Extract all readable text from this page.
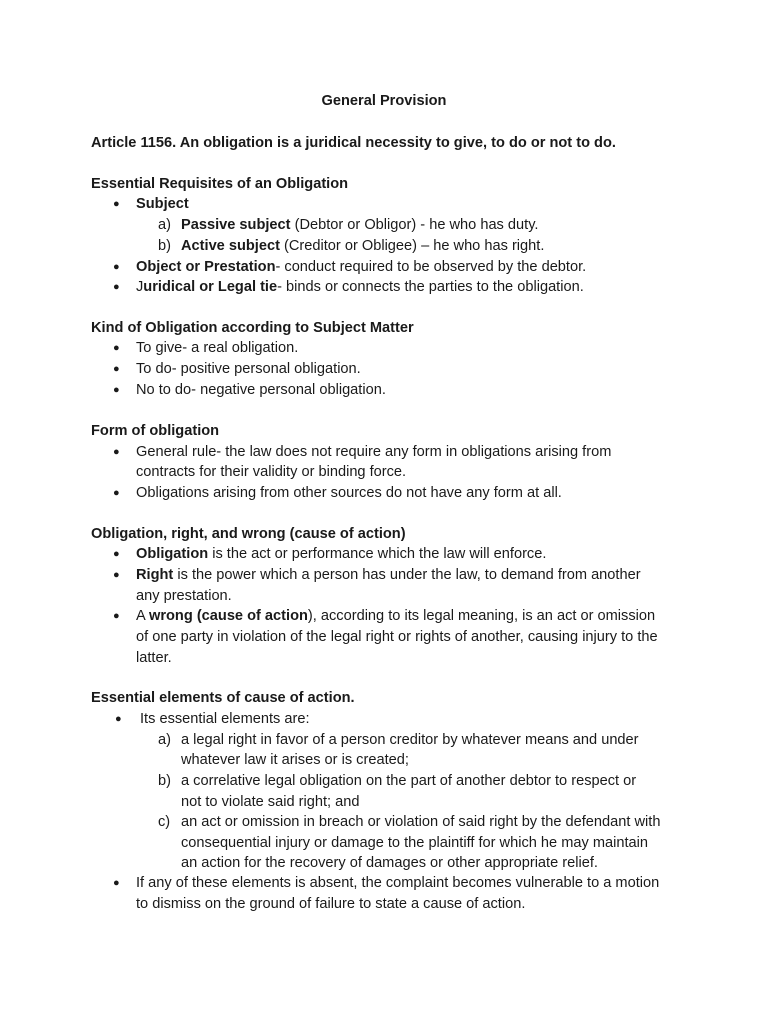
General Provision
Article 1156. An obligation is a juridical necessity to give, to do or not to do.
Essential Requisites of an Obligation
● Subject
a) Passive subject (Debtor or Obligor) - he who has duty.
b) Active subject (Creditor or Obligee) – he who has right.
● Object or Prestation- conduct required to be observed by the debtor.
● Juridical or Legal tie- binds or connects the parties to the obligation.
Kind of Obligation according to Subject Matter
● To give- a real obligation.
● To do- positive personal obligation.
● No to do- negative personal obligation.
Form of obligation
● General rule- the law does not require any form in obligations arising from
contracts for their validity or binding force.
● Obligations arising from other sources do not have any form at all.
Obligation, right, and wrong (cause of action)
● Obligation is the act or performance which the law will enforce.
● Right is the power which a person has under the law, to demand from another
any prestation.
● A wrong (cause of action), according to its legal meaning, is an act or omission
of one party in violation of the legal right or rights of another, causing injury to the
latter.
Essential elements of cause of action.
● Its essential elements are:
a) a legal right in favor of a person creditor by whatever means and under
whatever law it arises or is created;
b) a correlative legal obligation on the part of another debtor to respect or
not to violate said right; and
c) an act or omission in breach or violation of said right by the defendant with
consequential injury or damage to the plaintiff for which he may maintain
an action for the recovery of damages or other appropriate relief.
● If any of these elements is absent, the complaint becomes vulnerable to a motion
to dismiss on the ground of failure to state a cause of action.
